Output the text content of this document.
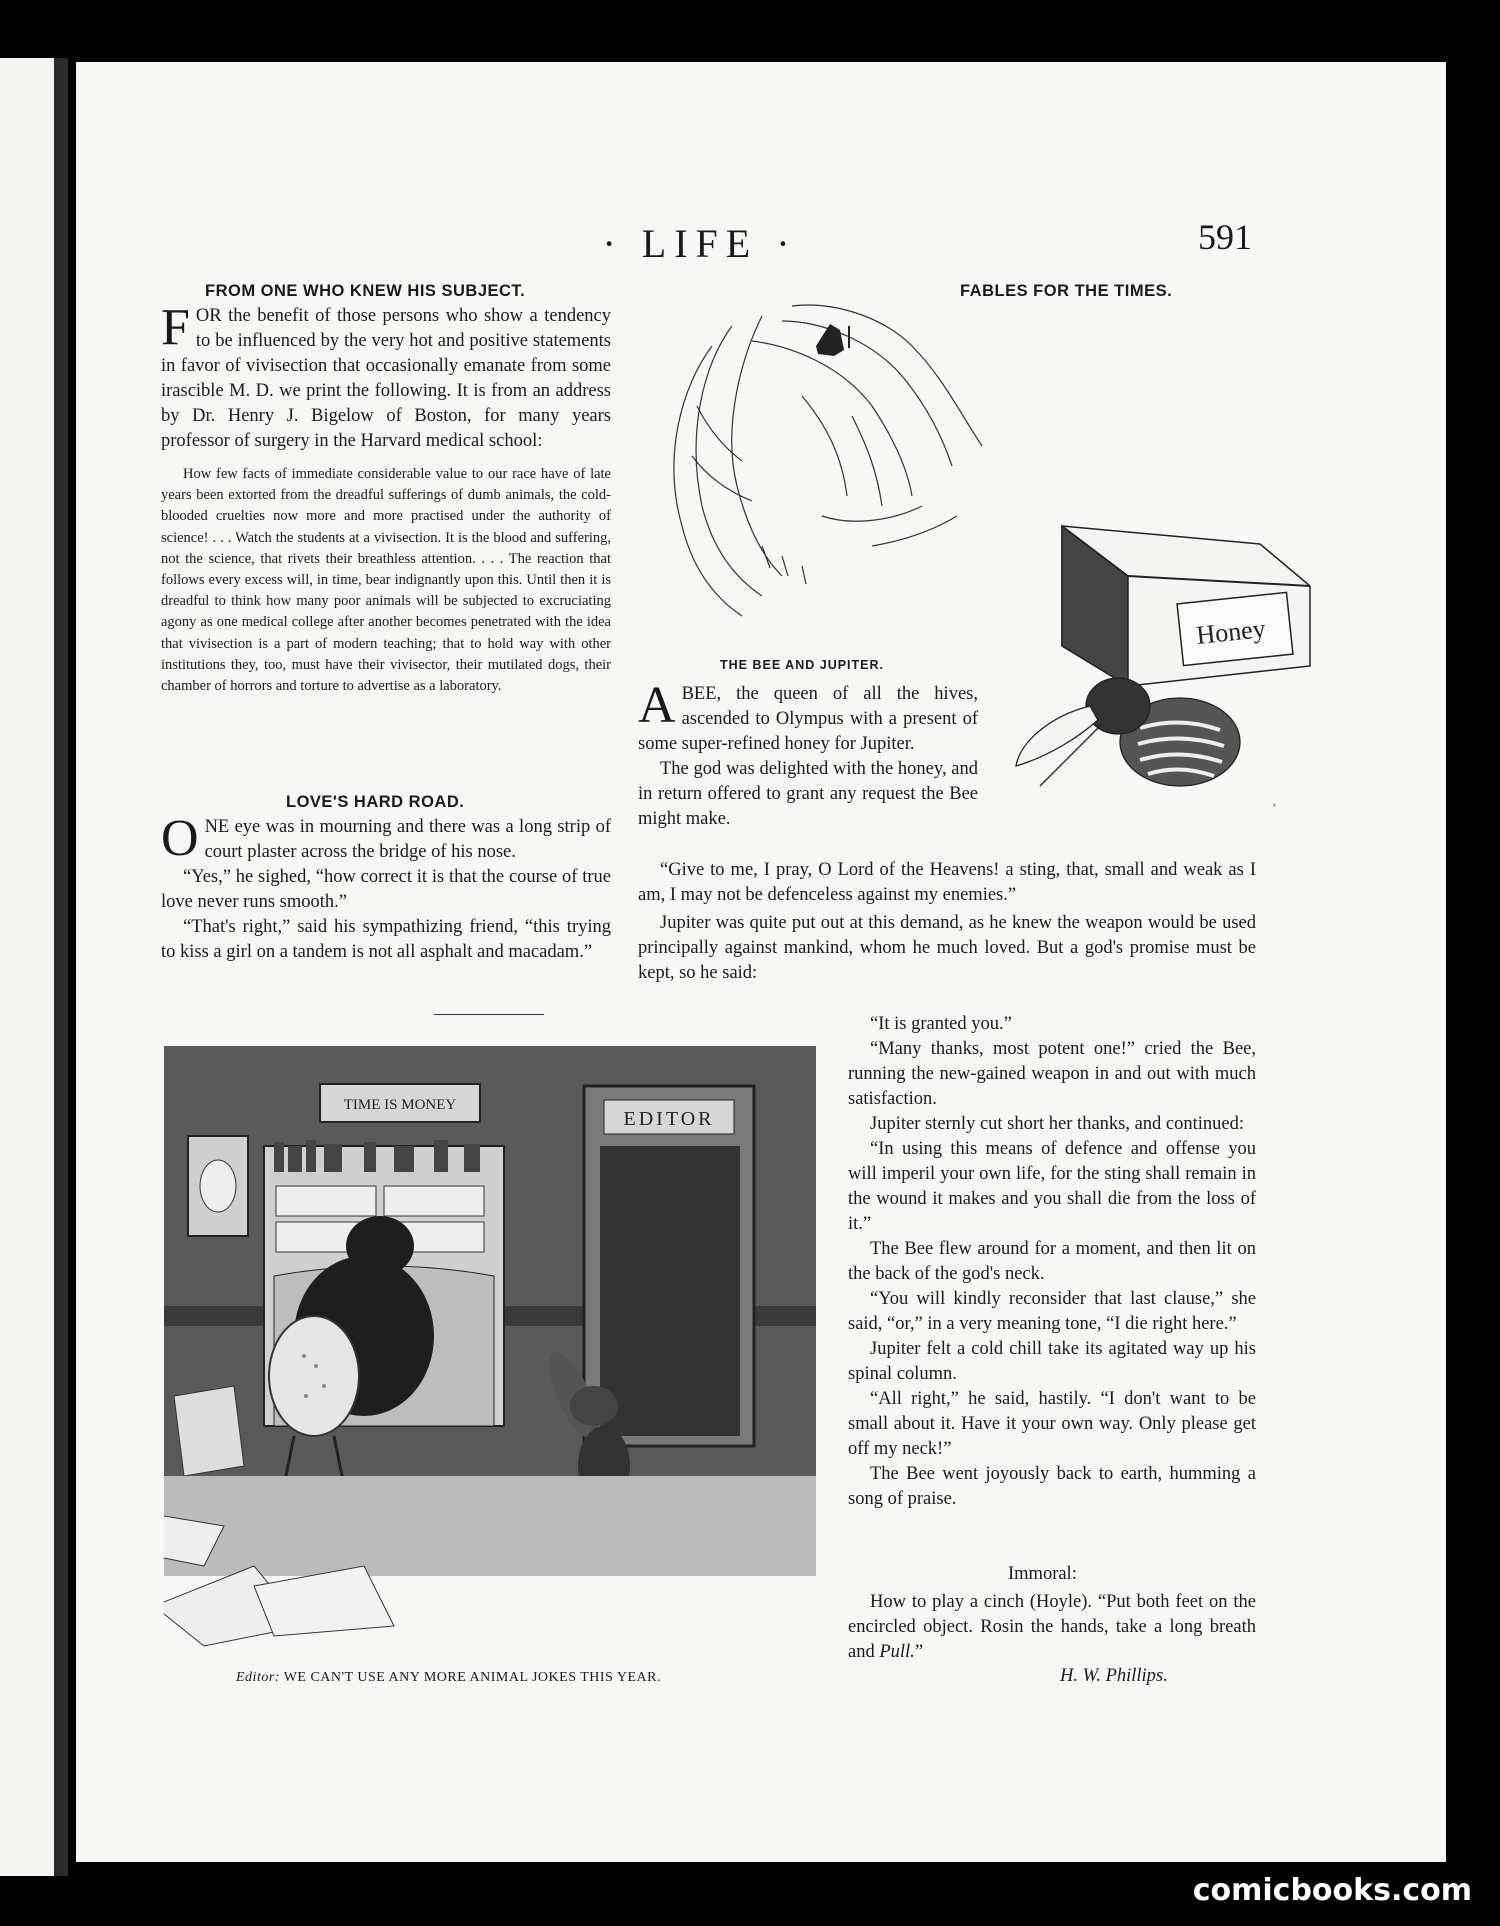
· LIFE ·	591
FROM ONE WHO KNEW HIS SUBJECT.

FOR the benefit of those persons who show a tendency to be influenced by the very hot and positive statements in favor of vivisection that occasionally emanate from some irascible M. D. we print the following. It is from an address by Dr. Henry J. Bigelow of Boston, for many years professor of surgery in the Harvard medical school:

How few facts of immediate considerable value to our race have of late years been extorted from the dreadful sufferings of dumb animals, the cold-blooded cruelties now more and more practised under the authority of science! . . . Watch the students at a vivisection. It is the blood and suffering, not the science, that rivets their breathless attention. . . . The reaction that follows every excess will, in time, bear indignantly upon this. Until then it is dreadful to think how many poor animals will be subjected to excruciating agony as one medical college after another becomes penetrated with the idea that vivisection is a part of modern teaching; that to hold way with other institutions they, too, must have their vivisector, their mutilated dogs, their chamber of horrors and torture to advertise as a laboratory.

LOVE'S HARD ROAD.

ONE eye was in mourning and there was a long strip of court plaster across the bridge of his nose.

“Yes,” he sighed, “how correct it is that the course of true love never runs smooth.”

“That's right,” said his sympathizing friend, “this trying to kiss a girl on a tandem is not all asphalt and macadam.”

FABLES FOR THE TIMES.
Honey
×
THE BEE AND JUPITER.

ABEE, the queen of all the hives, ascended to Olympus with a present of some super-refined honey for Jupiter.

The god was delighted with the honey, and in return offered to grant any request the Bee might make.

“Give to me, I pray, O Lord of the Heavens! a sting, that, small and weak as I am, I may not be defenceless against my enemies.”

Jupiter was quite put out at this demand, as he knew the weapon would be used principally against mankind, whom he much loved. But a god's promise must be kept, so he said:

“It is granted you.”

“Many thanks, most potent one!” cried the Bee, running the new-gained weapon in and out with much satisfaction.

Jupiter sternly cut short her thanks, and continued:

“In using this means of defence and offense you will imperil your own life, for the sting shall remain in the wound it makes and you shall die from the loss of it.”

The Bee flew around for a moment, and then lit on the back of the god's neck.

“You will kindly reconsider that last clause,” she said, “or,” in a very meaning tone, “I die right here.”

Jupiter felt a cold chill take its agitated way up his spinal column.

“All right,” he said, hastily. “I don't want to be small about it. Have it your own way. Only please get off my neck!”

The Bee went joyously back to earth, humming a song of praise.

Immoral:

How to play a cinch (Hoyle). “Put both feet on the encircled object. Rosin the hands, take a long breath and Pull.”

H. W. Phillips.
EDITOR
TIME IS MONEY
Editor: WE CAN'T USE ANY MORE ANIMAL JOKES THIS YEAR.
comicbooks.com
